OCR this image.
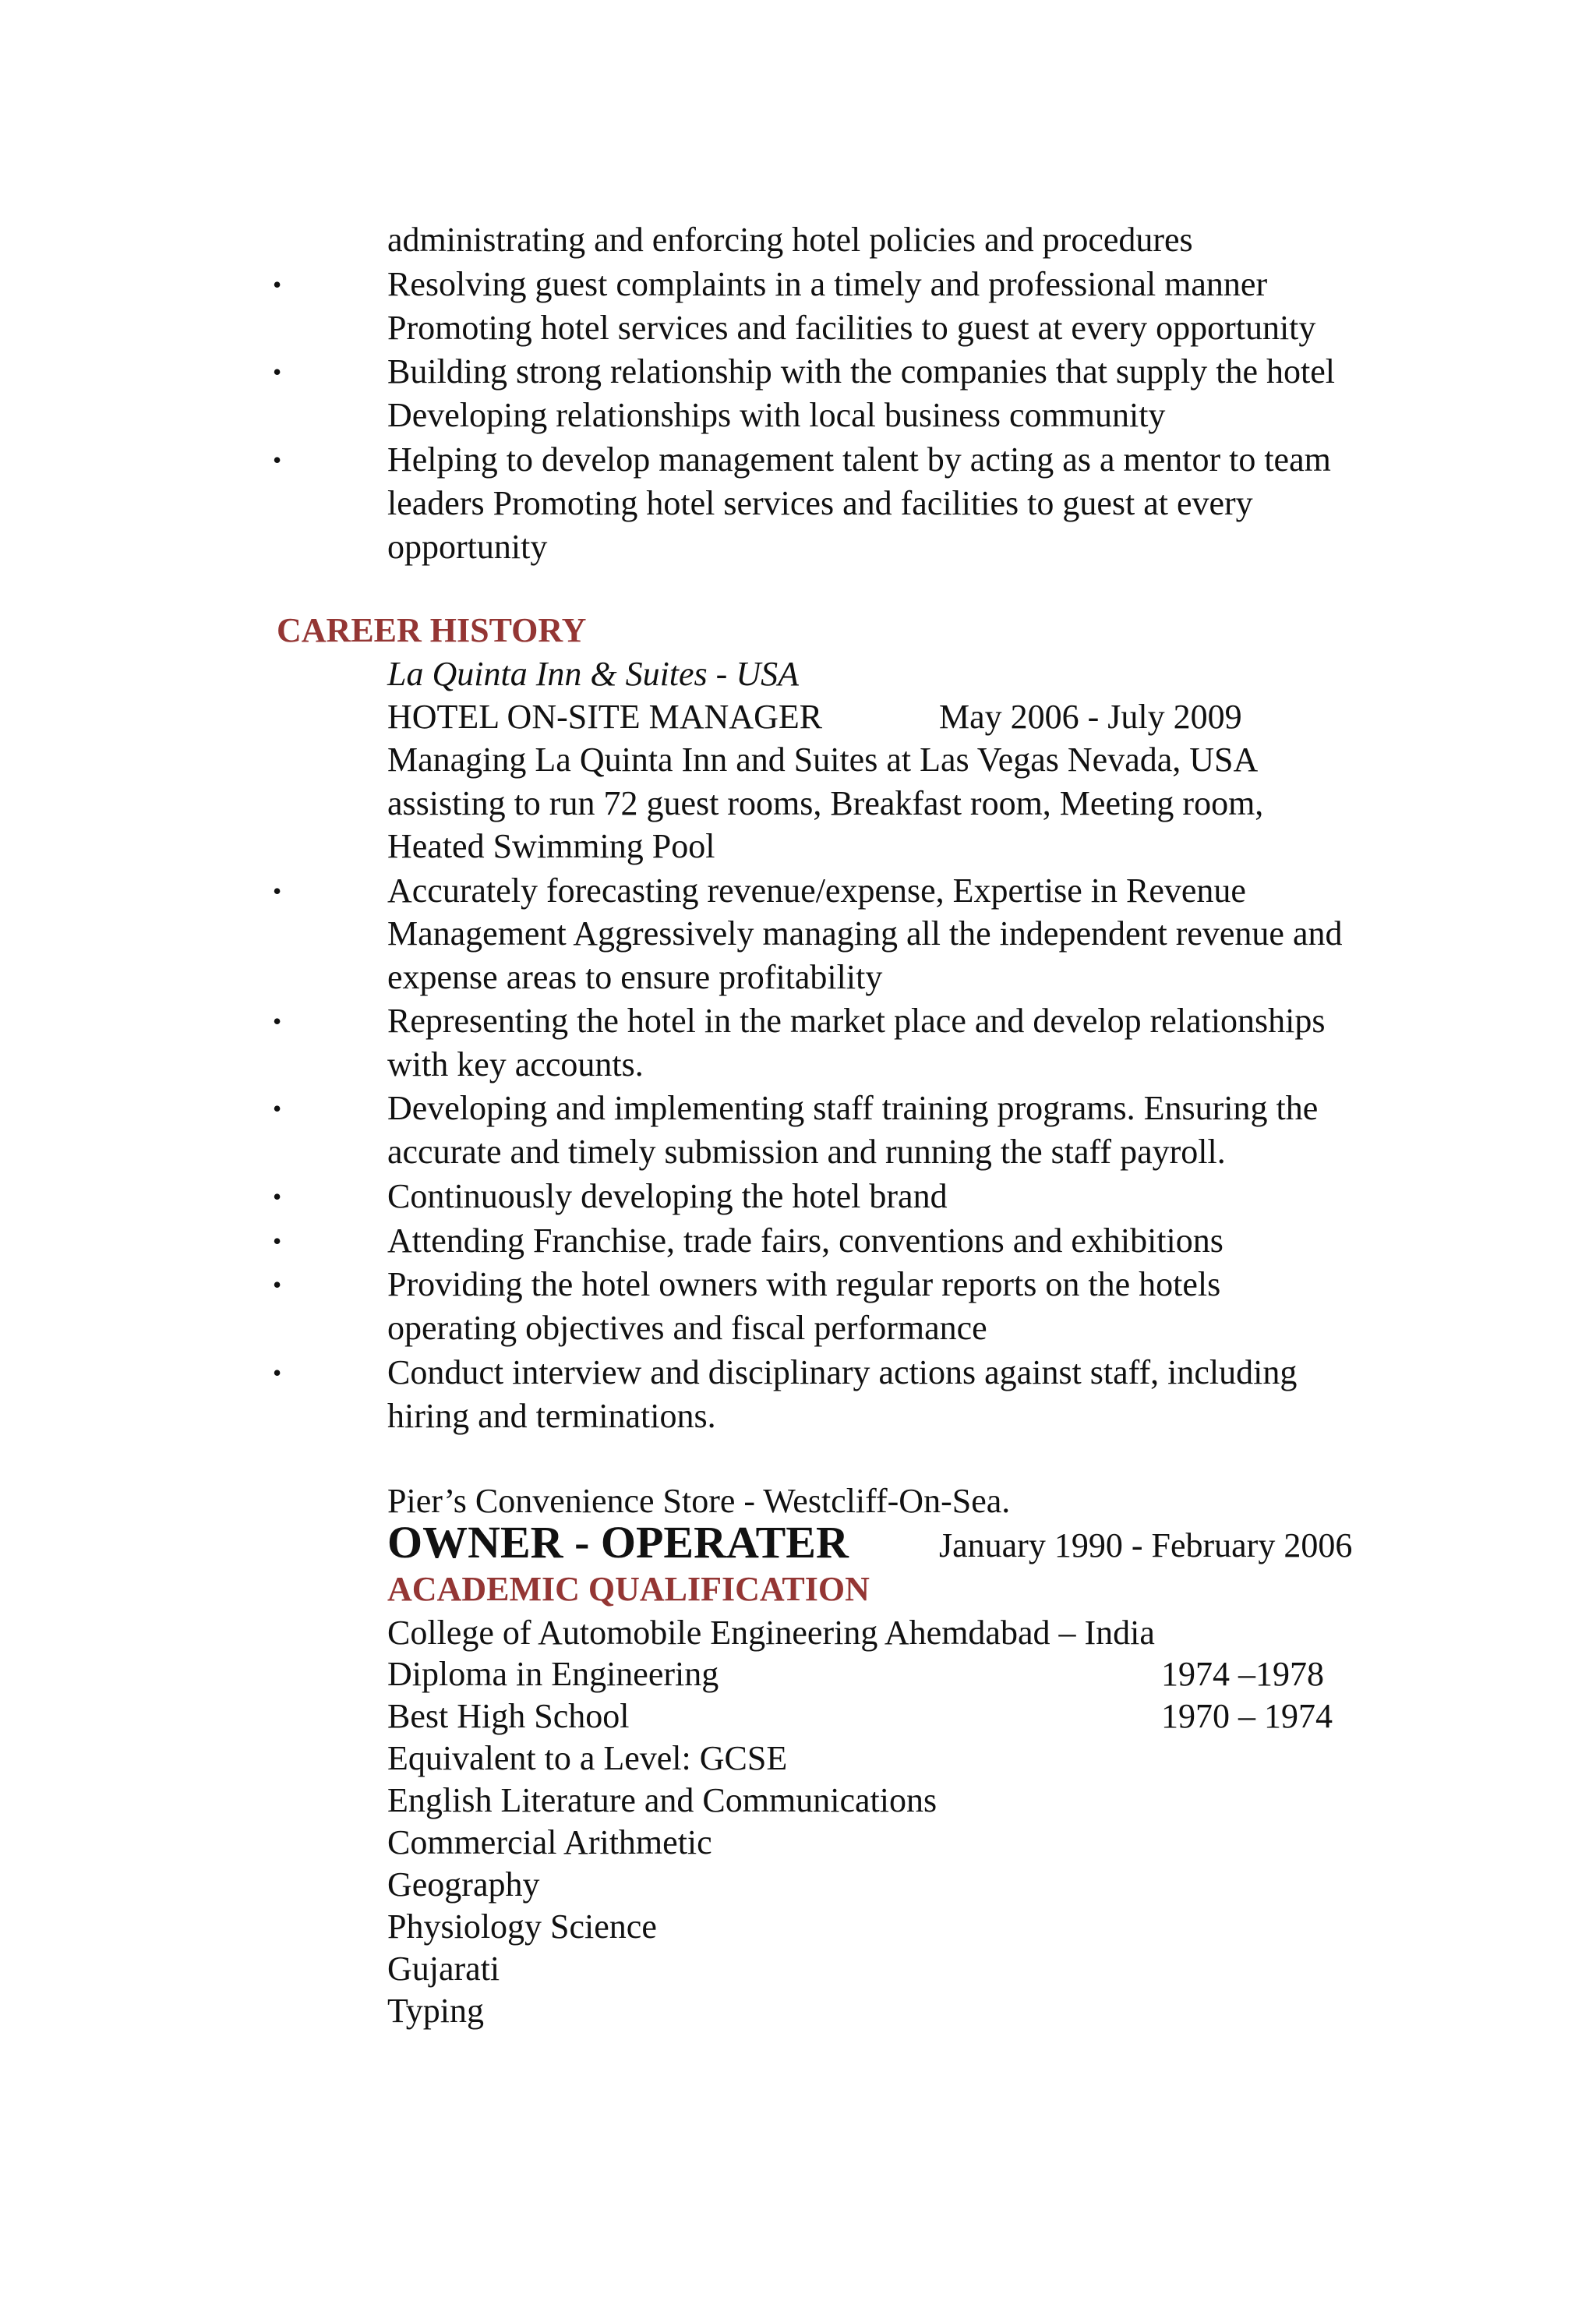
administrating and enforcing hotel policies and procedures
•	Resolving guest complaints in a timely and professional manner
Promoting hotel services and facilities to guest at every opportunity
•	Building strong relationship with the companies that supply the hotel
Developing relationships with local business community
•	Helping to develop management talent by acting as a mentor to team
leaders Promoting hotel services and facilities to guest at every
opportunity
CAREER HISTORY
La Quinta Inn & Suites - USA
HOTEL ON-SITE MANAGER	May 2006 - July 2009
Managing La Quinta Inn and Suites at Las Vegas Nevada, USA
assisting to run 72 guest rooms, Breakfast room, Meeting room,
Heated Swimming Pool
•	Accurately forecasting revenue/expense, Expertise in Revenue
Management Aggressively managing all the independent revenue and
expense areas to ensure profitability
•	Representing the hotel in the market place and develop relationships
with key accounts.
•	Developing and implementing staff training programs. Ensuring the
accurate and timely submission and running the staff payroll.
•	Continuously developing the hotel brand
•	Attending Franchise, trade fairs, conventions and exhibitions
•	Providing the hotel owners with regular reports on the hotels
operating objectives and fiscal performance
•	Conduct interview and disciplinary actions against staff, including
hiring and terminations.
Pier’s Convenience Store - Westcliff-On-Sea.
OWNER - OPERATER	January 1990 - February 2006
ACADEMIC QUALIFICATION
College of Automobile Engineering Ahemdabad – India
Diploma in Engineering	1974 –1978
Best High School	1970 – 1974
Equivalent to a Level: GCSE
English Literature and Communications
Commercial Arithmetic
Geography
Physiology Science
Gujarati
Typing
